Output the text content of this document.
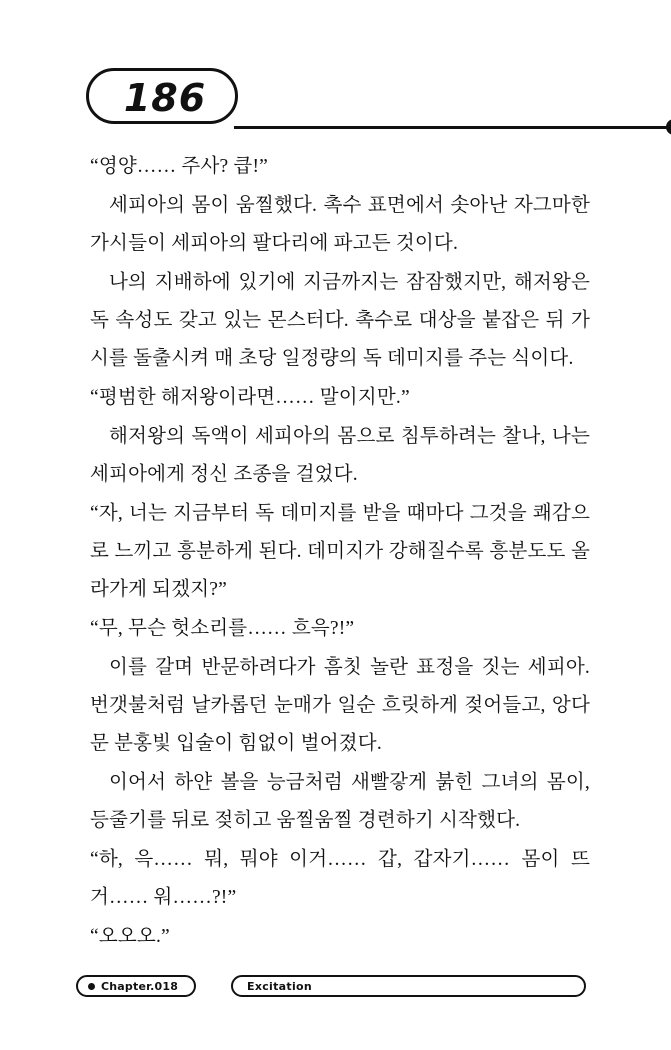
186

“영양…… 주사? 큽!”

세피아의 몸이 움찔했다. 촉수 표면에서 솟아난 자그마한 가시들이 세피아의 팔다리에 파고든 것이다.

나의 지배하에 있기에 지금까지는 잠잠했지만, 해저왕은 독 속성도 갖고 있는 몬스터다. 촉수로 대상을 붙잡은 뒤 가시를 돌출시켜 매 초당 일정량의 독 데미지를 주는 식이다.

“평범한 해저왕이라면…… 말이지만.”

해저왕의 독액이 세피아의 몸으로 침투하려는 찰나, 나는 세피아에게 정신 조종을 걸었다.

“자, 너는 지금부터 독 데미지를 받을 때마다 그것을 쾌감으로 느끼고 흥분하게 된다. 데미지가 강해질수록 흥분도도 올라가게 되겠지?”

“무, 무슨 헛소리를…… 흐윽?!”

이를 갈며 반문하려다가 흠칫 놀란 표정을 짓는 세피아. 번갯불처럼 날카롭던 눈매가 일순 흐릿하게 젖어들고, 앙다문 분홍빛 입술이 힘없이 벌어졌다.

이어서 하얀 볼을 능금처럼 새빨갛게 붉힌 그녀의 몸이, 등줄기를 뒤로 젖히고 움찔움찔 경련하기 시작했다.

“하, 윽…… 뭐, 뭐야 이거…… 갑, 갑자기…… 몸이 뜨거…… 워……?!”

“오오오.”

Chapter.018	Excitation
